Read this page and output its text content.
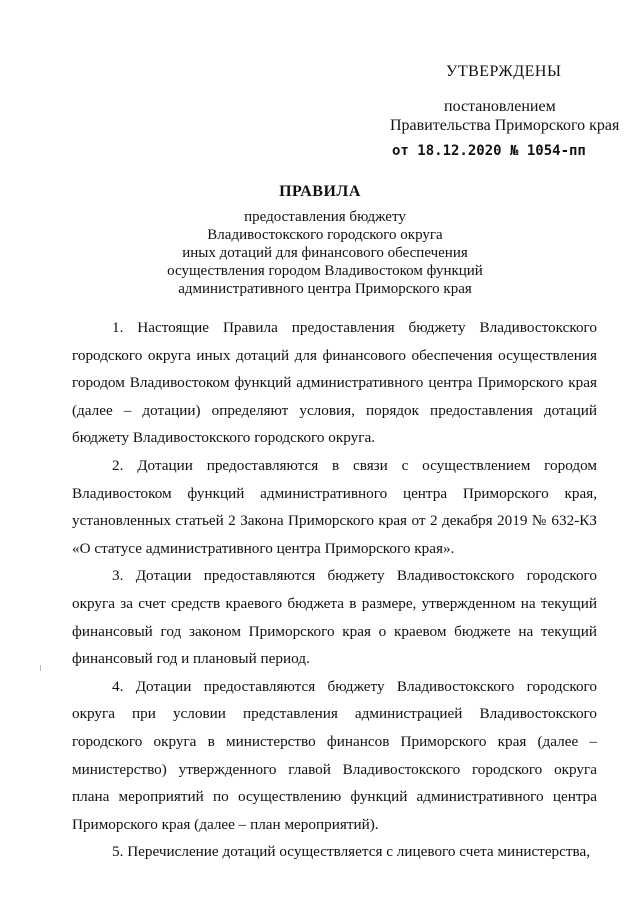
УТВЕРЖДЕНЫ
постановлением
Правительства Приморского края
от 18.12.2020 № 1054-пп
ПРАВИЛА
предоставления бюджету
Владивостокского городского округа
иных дотаций для финансового обеспечения
осуществления городом Владивостоком функций
административного центра Приморского края

1. Настоящие Правила предоставления бюджету Владивостокского городского округа иных дотаций для финансового обеспечения осуществления городом Владивостоком функций административного центра Приморского края (далее – дотации) определяют условия, порядок предоставления дотаций бюджету Владивостокского городского округа.

2. Дотации предоставляются в связи с осуществлением городом Владивостоком функций административного центра Приморского края, установленных статьей 2 Закона Приморского края от 2 декабря 2019 № 632-КЗ «О статусе административного центра Приморского края».

3. Дотации предоставляются бюджету Владивостокского городского округа за счет средств краевого бюджета в размере, утвержденном на текущий финансовый год законом Приморского края о краевом бюджете на текущий финансовый год и плановый период.

4. Дотации предоставляются бюджету Владивостокского городского округа при условии представления администрацией Владивостокского городского округа в министерство финансов Приморского края (далее – министерство) утвержденного главой Владивостокского городского округа плана мероприятий по осуществлению функций административного центра Приморского края (далее – план мероприятий).

5. Перечисление дотаций осуществляется с лицевого счета министерства,
